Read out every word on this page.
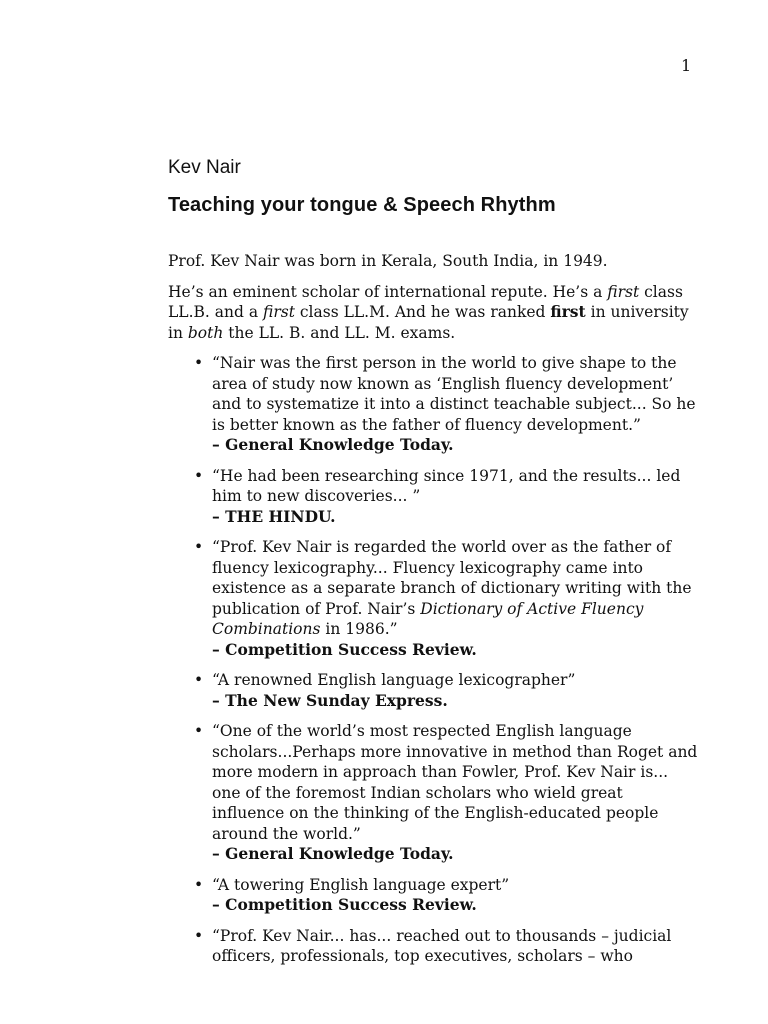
1
Kev Nair
Teaching your tongue & Speech Rhythm

Prof. Kev Nair was born in Kerala, South India, in 1949.

He’s an eminent scholar of international repute. He’s a first class LL.B. and a first class LL.M. And he was ranked first in university in both the LL. B. and LL. M. exams.

• “Nair was the first person in the world to give shape to the area of study now known as ‘English fluency development’ and to systematize it into a distinct teachable subject... So he is better known as the father of fluency development.”
– General Knowledge Today.
• “He had been researching since 1971, and the results... led him to new discoveries... ”
– THE HINDU.
• “Prof. Kev Nair is regarded the world over as the father of fluency lexicography... Fluency lexicography came into existence as a separate branch of dictionary writing with the publication of Prof. Nair’s Dictionary of Active Fluency Combinations in 1986.”
– Competition Success Review.
• “A renowned English language lexicographer”
– The New Sunday Express.
• “One of the world’s most respected English language scholars...Perhaps more innovative in method than Roget and more modern in approach than Fowler, Prof. Kev Nair is... one of the foremost Indian scholars who wield great influence on the thinking of the English-educated people around the world.”
– General Knowledge Today.
• “A towering English language expert”
– Competition Success Review.
• “Prof. Kev Nair... has... reached out to thousands – judicial officers, professionals, top executives, scholars – who
